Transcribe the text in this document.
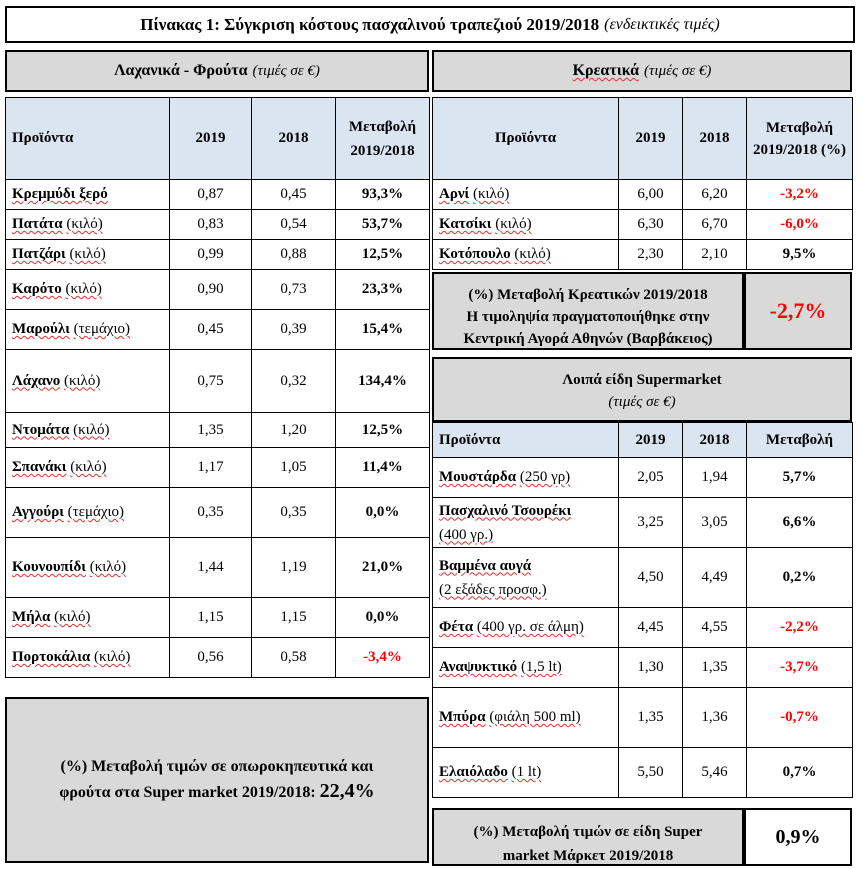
Πίνακας 1: Σύγκριση κόστους πασχαλινού τραπεζιού 2019/2018 (ενδεικτικές τιμές)
Λαχανικά - Φρούτα (τιμές σε €)
Προϊόντα	2019	2018	Μεταβολή 2019/2018
Κρεμμύδι ξερό	0,87	0,45	93,3%
Πατάτα (κιλό)	0,83	0,54	53,7%
Πατζάρι (κιλό)	0,99	0,88	12,5%
Καρότο (κιλό)	0,90	0,73	23,3%
Μαρούλι (τεμάχιο)	0,45	0,39	15,4%
Λάχανο (κιλό)	0,75	0,32	134,4%
Ντομάτα (κιλό)	1,35	1,20	12,5%
Σπανάκι (κιλό)	1,17	1,05	11,4%
Αγγούρι (τεμάχιο)	0,35	0,35	0,0%
Κουνουπίδι (κιλό)	1,44	1,19	21,0%
Μήλα (κιλό)	1,15	1,15	0,0%
Πορτοκάλια (κιλό)	0,56	0,58	-3,4%
(%) Μεταβολή τιμών σε οπωροκηπευτικά και φρούτα στα Super market 2019/2018: 22,4%
Κρεατικά (τιμές σε €)
Προϊόντα	2019	2018	Μεταβολή 2019/2018 (%)
Αρνί (κιλό)	6,00	6,20	-3,2%
Κατσίκι (κιλό)	6,30	6,70	-6,0%
Κοτόπουλο (κιλό)	2,30	2,10	9,5%
(%) Μεταβολή Κρεατικών 2019/2018
Η τιμοληψία πραγματοποιήθηκε στην
Κεντρική Αγορά Αθηνών (Βαρβάκειος)
-2,7%
Λοιπά είδη Supermarket
(τιμές σε €)
Προϊόντα	2019	2018	Μεταβολή
Μουστάρδα (250 γρ)	2,05	1,94	5,7%
Πασχαλινό Τσουρέκι
(400 γρ.)	3,25	3,05	6,6%
Βαμμένα αυγά
(2 εξάδες προσφ.)	4,50	4,49	0,2%
Φέτα (400 γρ. σε άλμη)	4,45	4,55	-2,2%
Αναψυκτικό (1,5 lt)	1,30	1,35	-3,7%
Μπύρα (φιάλη 500 ml)	1,35	1,36	-0,7%
Ελαιόλαδο (1 lt)	5,50	5,46	0,7%
(%) Μεταβολή τιμών σε είδη Super market Μάρκετ 2019/2018
0,9%
